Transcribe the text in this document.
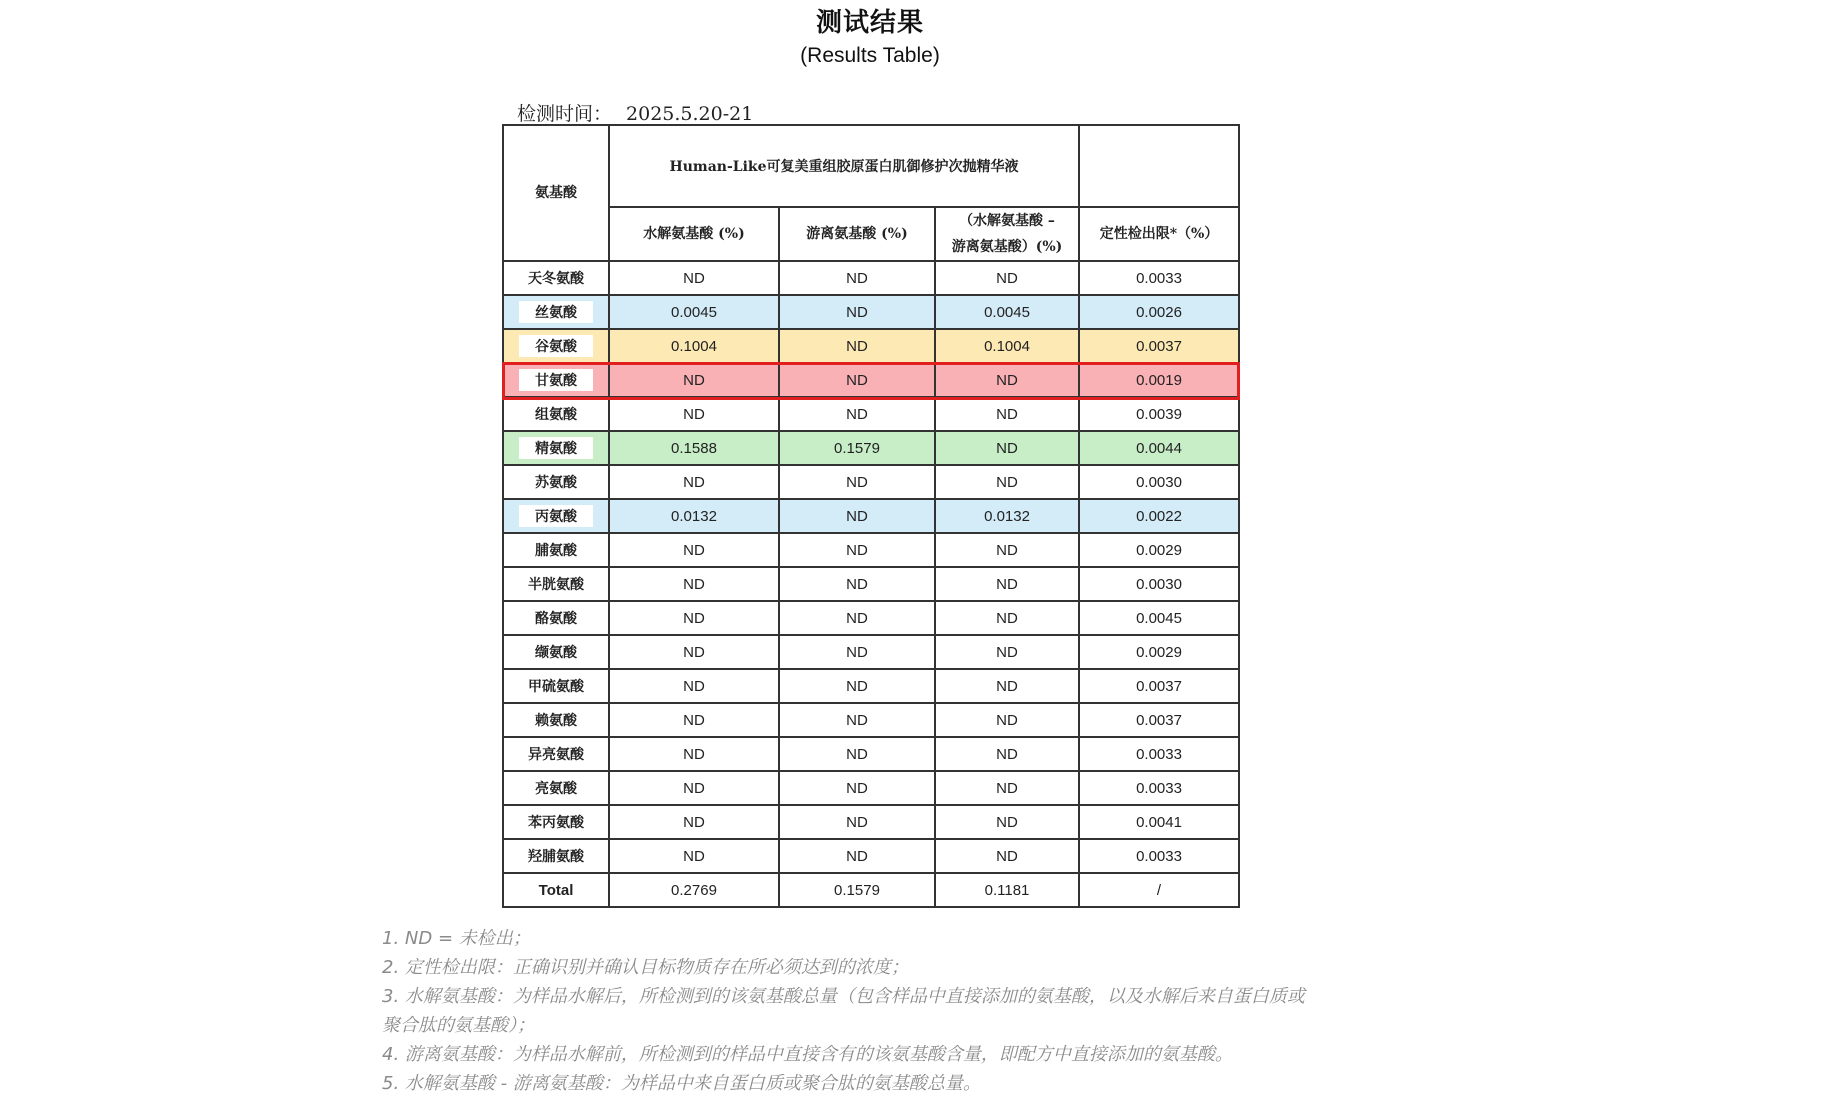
测试结果
(Results Table)
检测时间： 2025.5.20-21
氨基酸	Human-Like可复美重组胶原蛋白肌御修护次抛精华液			
	水解氨基酸 (%)	游离氨基酸 (%)	（水解氨基酸 –
游离氨基酸）(%)	定性检出限*（%）
天冬氨酸	ND	ND	ND	0.0033
丝氨酸	0.0045	ND	0.0045	0.0026
谷氨酸	0.1004	ND	0.1004	0.0037
甘氨酸	ND	ND	ND	0.0019
组氨酸	ND	ND	ND	0.0039
精氨酸	0.1588	0.1579	ND	0.0044
苏氨酸	ND	ND	ND	0.0030
丙氨酸	0.0132	ND	0.0132	0.0022
脯氨酸	ND	ND	ND	0.0029
半胱氨酸	ND	ND	ND	0.0030
酪氨酸	ND	ND	ND	0.0045
缬氨酸	ND	ND	ND	0.0029
甲硫氨酸	ND	ND	ND	0.0037
赖氨酸	ND	ND	ND	0.0037
异亮氨酸	ND	ND	ND	0.0033
亮氨酸	ND	ND	ND	0.0033
苯丙氨酸	ND	ND	ND	0.0041
羟脯氨酸	ND	ND	ND	0.0033
Total	0.2769	0.1579	0.1181	/
1. ND = 未检出；
2. 定性检出限：正确识别并确认目标物质存在所必须达到的浓度；
3. 水解氨基酸：为样品水解后，所检测到的该氨基酸总量（包含样品中直接添加的氨基酸，以及水解后来自蛋白质或
聚合肽的氨基酸）；
4. 游离氨基酸：为样品水解前，所检测到的样品中直接含有的该氨基酸含量，即配方中直接添加的氨基酸。
5. 水解氨基酸 - 游离氨基酸：为样品中来自蛋白质或聚合肽的氨基酸总量。
